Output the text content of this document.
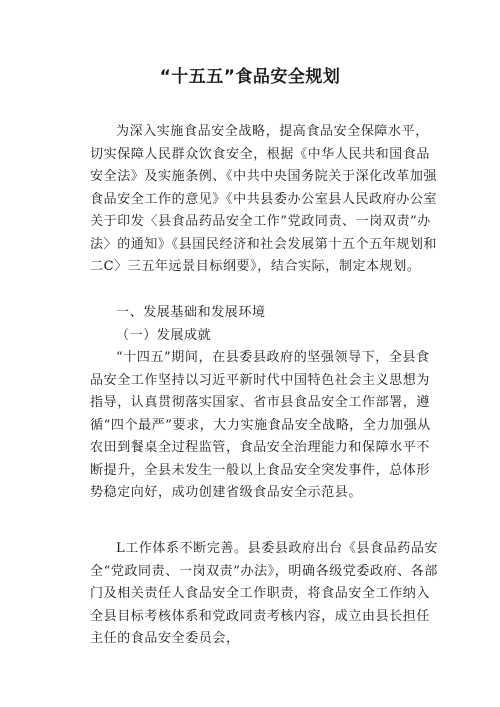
“十五五”食品安全规划
为深入实施食品安全战略，提高食品安全保障水平，切实保障人民群众饮食安全，根据《中华人民共和国食品安全法》及实施条例、《中共中央国务院关于深化改革加强食品安全工作的意见》《中共县委办公室县人民政府办公室关于印发〈县食品药品安全工作”党政同责、一岗双责”办法〉的通知》《县国民经济和社会发展第十五个五年规划和二C〉三五年远景目标纲要》，结合实际，制定本规划。
一、发展基础和发展环境
（一）发展成就
“十四五”期间，在县委县政府的坚强领导下，全县食品安全工作坚持以习近平新时代中国特色社会主义思想为指导，认真贯彻落实国家、省市县食品安全工作部署，遵循“四个最严”要求，大力实施食品安全战略，全力加强从农田到餐桌全过程监管，食品安全治理能力和保障水平不断提升，全县未发生一般以上食品安全突发事件，总体形势稳定向好，成功创建省级食品安全示范县。
L工作体系不断完善。县委县政府出台《县食品药品安全“党政同责、一岗双责”办法》，明确各级党委政府、各部门及相关责任人食品安全工作职责，将食品安全工作纳入全县目标考核体系和党政同责考核内容，成立由县长担任主任的食品安全委员会，
